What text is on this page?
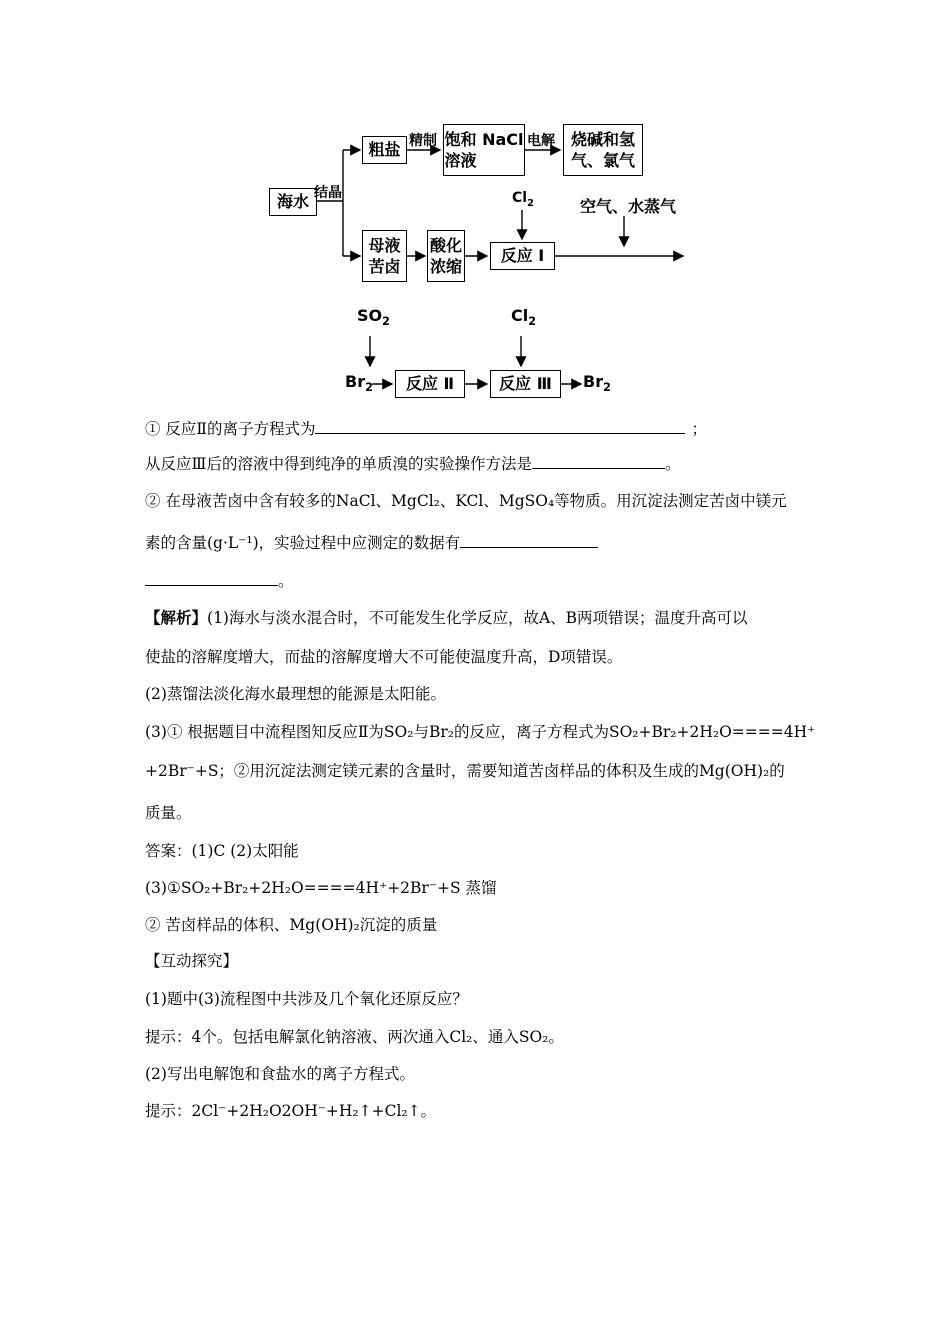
海水 结晶
粗盐 精制 饱和 NaCl
溶液
电解 烧碱和氢
气、氯气
母液
苦卤
酸化
浓缩
反应 Ⅰ
$Cl_2$	空气、水蒸气
$SO_2$	$Cl_2$
$Br_2$ 反应 Ⅱ	反应 Ⅲ $Br_2$
① 反应Ⅱ的离子方程式为	；
从反应Ⅲ后的溶液中得到纯净的单质溴的实验操作方法是	。
② 在母液苦卤中含有较多的NaCl、MgCl₂、KCl、MgSO₄等物质。用沉淀法测定苦卤中镁元
素的含量(g·L⁻¹)，实验过程中应测定的数据有
。
【解析】(1)海水与淡水混合时，不可能发生化学反应，故A、B两项错误；温度升高可以
使盐的溶解度增大，而盐的溶解度增大不可能使温度升高，D项错误。
(2)蒸馏法淡化海水最理想的能源是太阳能。
(3)① 根据题目中流程图知反应Ⅱ为SO₂与Br₂的反应，离子方程式为SO₂+Br₂+2H₂O====4H⁺
+2Br⁻+S；②用沉淀法测定镁元素的含量时，需要知道苦卤样品的体积及生成的Mg(OH)₂的
质量。
答案：(1)C (2)太阳能
(3)①SO₂+Br₂+2H₂O====4H⁺+2Br⁻+S 蒸馏
② 苦卤样品的体积、Mg(OH)₂沉淀的质量
【互动探究】
(1)题中(3)流程图中共涉及几个氧化还原反应？
提示：4个。包括电解氯化钠溶液、两次通入Cl₂、通入SO₂。
(2)写出电解饱和食盐水的离子方程式。
提示：2Cl⁻+2H₂O2OH⁻+H₂↑+Cl₂↑。
